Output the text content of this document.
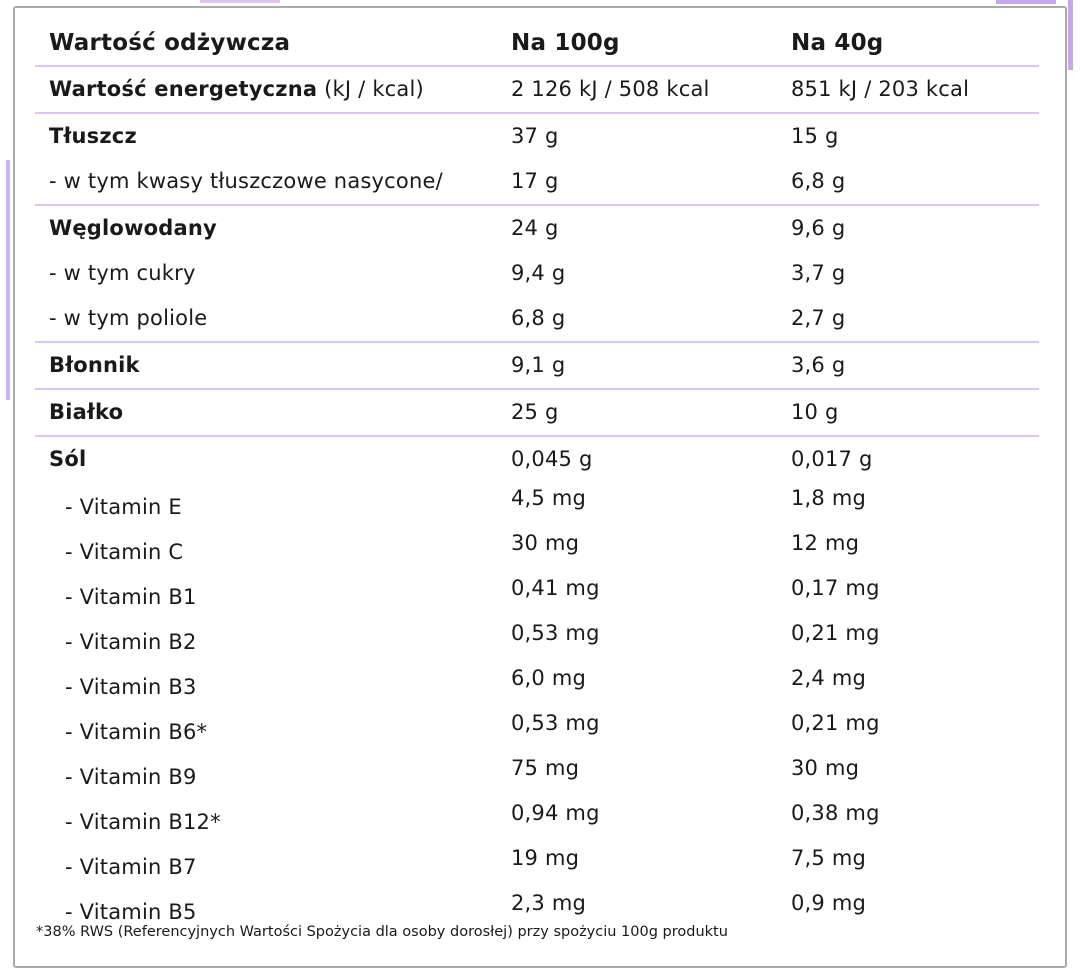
Wartość odżywcza	Na 100g	Na 40g
Wartość energetyczna (kJ / kcal)	2 126 kJ / 508 kcal	851 kJ / 203 kcal
Tłuszcz	37 g	15 g
- w tym kwasy tłuszczowe nasycone/	17 g	6,8 g
Węglowodany	24 g	9,6 g
- w tym cukry	9,4 g	3,7 g
- w tym poliole	6,8 g	2,7 g
Błonnik	9,1 g	3,6 g
Białko	25 g	10 g
Sól	0,045 g	0,017 g
- Vitamin E	4,5 mg	1,8 mg
- Vitamin C	30 mg	12 mg
- Vitamin B1	0,41 mg	0,17 mg
- Vitamin B2	0,53 mg	0,21 mg
- Vitamin B3	6,0 mg	2,4 mg
- Vitamin B6*	0,53 mg	0,21 mg
- Vitamin B9	75 mg	30 mg
- Vitamin B12*	0,94 mg	0,38 mg
- Vitamin B7	19 mg	7,5 mg
- Vitamin B5	2,3 mg	0,9 mg
*38% RWS (Referencyjnych Wartości Spożycia dla osoby dorosłej) przy spożyciu 100g produktu
